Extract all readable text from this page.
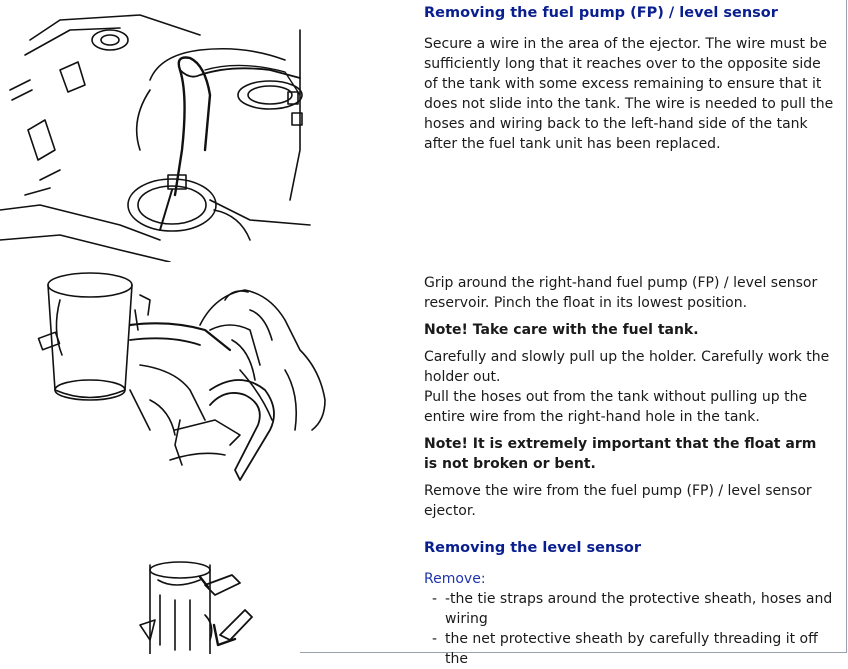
Removing the fuel pump (FP) / level sensor

Secure a wire in the area of the ejector. The wire must be sufficiently long that it reaches over to the opposite side of the tank with some excess remaining to ensure that it does not slide into the tank. The wire is needed to pull the hoses and wiring back to the left-hand side of the tank after the fuel tank unit has been replaced.

Grip around the right-hand fuel pump (FP) / level sensor reservoir. Pinch the float in its lowest position.

Note! Take care with the fuel tank.

Carefully and slowly pull up the holder. Carefully work the holder out.

Pull the hoses out from the tank without pulling up the entire wire from the right-hand hole in the tank.

Note! It is extremely important that the float arm is not broken or bent.

Remove the wire from the fuel pump (FP) / level sensor ejector.

Removing the level sensor
Remove:
- -the tie straps around the protective sheath, hoses and wiring
- the net protective sheath by carefully threading it off the
